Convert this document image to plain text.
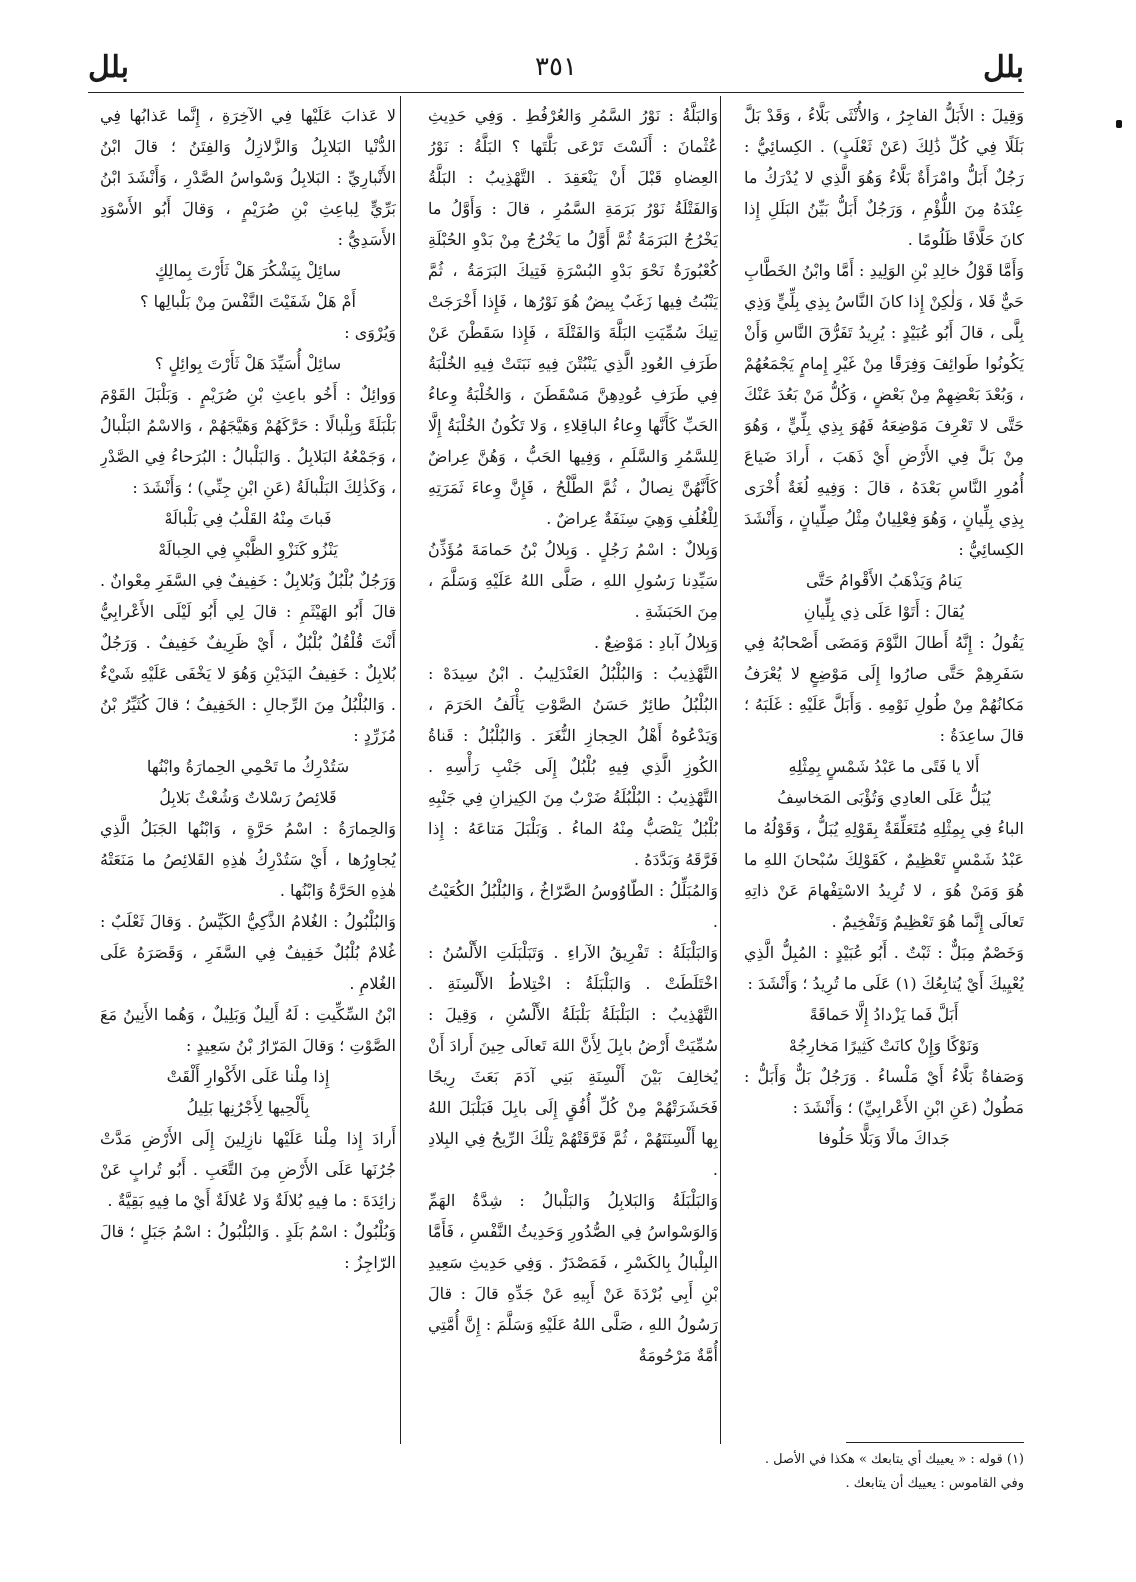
بلل
٣٥١
بلل

وَقِيلَ : الأَبَلُّ الفاجِرُ ، وَالأُنْثَى بَلَّاءُ ، وَقَدْ بَلَّ بَلَلًا فِي كُلِّ ذَٰلِكَ (عَنْ ثَعْلَبٍ) . الكِسائِيُّ : رَجُلٌ أَبَلُّ وامْرَأَةٌ بَلَّاءُ وَهُوَ الَّذِي لا يُدْرَكُ ما عِنْدَهُ مِنَ اللُّؤْمِ ، وَرَجُلٌ أَبَلُّ بَيِّنُ البَلَلِ إِذا كانَ حَلَّافًا ظَلُومًا .

وَأَمَّا قَوْلُ خالِدِ بْنِ الوَلِيدِ : أَمَّا وابْنُ الخَطَّابِ حَيٌّ فَلا ، وَلٰكِنْ إِذا كانَ النَّاسُ بِذِي بِلِّيٍّ وَذِي بِلَّى ، قالَ أَبُو عُبَيْدٍ : يُرِيدُ تَفَرُّقَ النَّاسِ وَأَنْ يَكُونُوا طَوائِفَ وَفِرَقًا مِنْ غَيْرِ إِمامٍ يَجْمَعُهُمْ ، وَبُعْدَ بَعْضِهِمْ مِنْ بَعْضٍ ، وَكُلُّ مَنْ بَعُدَ عَنْكَ حَتَّى لا تَعْرِفَ مَوْضِعَهُ فَهُوَ بِذِي بِلِّيٍّ ، وَهُوَ مِنْ بَلَّ فِي الأَرْضِ أَيْ ذَهَبَ ، أَرادَ ضَياعَ أُمُورِ النَّاسِ بَعْدَهُ ، قالَ : وَفِيهِ لُغَةٌ أُخْرَى بِذِي بِلِّيانٍ ، وَهُوَ فِعْلِيانٌ مِثْلُ صِلِّيانٍ ، وَأَنْشَدَ الكِسائِيُّ :

يَنامُ وَيَذْهَبُ الأَقْوامُ حَتَّى

يُقالَ : أَتَوْا عَلَى ذِي بِلِّيانِ

يَقُولُ : إِنَّهُ أَطالَ النَّوْمَ وَمَضَى أَصْحابُهُ فِي سَفَرِهِمْ حَتَّى صارُوا إِلَى مَوْضِعٍ لا يُعْرَفُ مَكانُهُمْ مِنْ طُولِ نَوْمِهِ . وَأَبَلَّ عَلَيْهِ : غَلَبَهُ ؛ قالَ ساعِدَةُ :

أَلا يا فَتًى ما عَبْدُ شَمْسٍ بِمِثْلِهِ

يُبَلُّ عَلَى العادِي وَتُؤْبَى المَخاسِفُ

الباءُ فِي بِمِثْلِهِ مُتَعَلِّقَةٌ بِقَوْلِهِ يُبَلُّ ، وَقَوْلُهُ ما عَبْدُ شَمْسٍ تَعْظِيمٌ ، كَقَوْلِكَ سُبْحانَ اللهِ ما هُوَ وَمَنْ هُوَ ، لا تُرِيدُ الاسْتِفْهامَ عَنْ ذاتِهِ تَعالَى إِنَّما هُوَ تَعْظِيمٌ وَتَفْخِيمٌ .

وَخَصْمٌ مِبَلٌّ : ثَبْتٌ . أَبُو عُبَيْدٍ : المُبِلُّ الَّذِي يُعْيِيكَ أَيْ يُتابِعُكَ (١) عَلَى ما تُرِيدُ ؛ وَأَنْشَدَ :

أَبَلَّ فَما يَزْدادُ إِلَّا حَماقَةً

وَنَوْكًا وَإِنْ كانَتْ كَثِيرًا مَخارِجُهْ

وَصَفاةٌ بَلَّاءُ أَيْ مَلْساءُ . وَرَجُلٌ بَلٌّ وَأَبَلُّ : مَطُولٌ (عَنِ ابْنِ الأَعْرابِيِّ) ؛ وَأَنْشَدَ :

جَداكَ مالًا وَبَلًّا حَلُوفا

وَالبَلَّةُ : نَوْرُ السَّمُرِ وَالعُرْفُطِ . وَفِي حَدِيثِ عُثْمانَ : أَلَسْتَ تَرْعَى بَلَّتَها ؟ البَلَّةُ : نَوْرُ العِضاهِ قَبْلَ أَنْ يَنْعَقِدَ . التَّهْذِيبُ : البَلَّةُ وَالفَتْلَةُ نَوْرُ بَرَمَةِ السَّمُرِ ، قالَ : وَأَوَّلُ ما يَخْرُجُ البَرَمَةُ ثُمَّ أَوَّلُ ما يَخْرُجُ مِنْ بَدْوِ الحُبْلَةِ كُعْبُورَةٌ نَحْوَ بَدْوِ البُسْرَةِ فَتِيكَ البَرَمَةُ ، ثُمَّ يَنْبُتُ فِيها زَغَبٌ بِيضٌ هُوَ نَوْرُها ، فَإِذا أَخْرَجَتْ تِيكَ سُمِّيَتِ البَلَّةَ وَالفَتْلَةَ ، فَإِذا سَقَطْنَ عَنْ طَرَفِ العُودِ الَّذِي يَنْبُتْنَ فِيهِ نَبَتَتْ فِيهِ الخُلْبَةُ فِي طَرَفِ عُودِهِنَّ مَسْقَطَنَ ، وَالخُلْبَةُ وِعاءُ الحَبِّ كَأَنَّها وِعاءُ الباقِلاءِ ، وَلا تَكُونُ الخُلْبَةُ إِلَّا لِلسَّمُرِ وَالسَّلَمِ ، وَفِيها الحَبُّ ، وَهُنَّ عِراضٌ كَأَنَّهُنَّ نِصالٌ ، ثُمَّ الطَّلْحُ ، فَإِنَّ وِعاءَ ثَمَرَتِهِ لِلْغُلُفِ وَهِيَ سِنَفَةٌ عِراضٌ .

وَبِلالٌ : اسْمُ رَجُلٍ . وَبِلالُ بْنُ حَمامَةَ مُؤَذِّنُ سَيِّدِنا رَسُولِ اللهِ ، صَلَّى اللهُ عَلَيْهِ وَسَلَّمَ ، مِنَ الحَبَشَةِ .

وَبِلالُ آبادِ : مَوْضِعٌ .

التَّهْذِيبُ : وَالبُلْبُلُ العَنْدَلِيبُ . ابْنُ سِيدَهْ : البُلْبُلُ طائِرٌ حَسَنُ الصَّوْتِ يَأْلَفُ الحَرَمَ ، وَيَدْعُوهُ أَهْلُ الحِجازِ النُّغَرَ . وَالبُلْبُلُ : قَناةُ الكُوزِ الَّذِي فِيهِ بُلْبُلٌ إِلَى جَنْبِ رَأْسِهِ . التَّهْذِيبُ : البُلْبُلَةُ ضَرْبٌ مِنَ الكِيزانِ فِي جَنْبِهِ بُلْبُلٌ يَنْصَبُّ مِنْهُ الماءُ . وَبَلْبَلَ مَتاعَهُ : إِذا فَرَّقَهُ وَبَدَّدَهُ .

وَالمُبَلِّلُ : الطّاوُوسُ الصَّرّاخُ ، وَالبُلْبُلُ الكُعَيْتُ .

وَالبَلْبَلَةُ : تَفْرِيقُ الآراءِ . وَتَبَلْبَلَتِ الأَلْسُنُ : اخْتَلَطَتْ . وَالبَلْبَلَةُ : اخْتِلاطُ الأَلْسِنَةِ . التَّهْذِيبُ : البَلْبَلَةُ بَلْبَلَةُ الأَلْسُنِ ، وَقِيلَ : سُمِّيَتْ أَرْضُ بابِلَ لِأَنَّ اللهَ تَعالَى حِينَ أَرادَ أَنْ يُخالِفَ بَيْنَ أَلْسِنَةِ بَنِي آدَمَ بَعَثَ رِيحًا فَحَشَرَتْهُمْ مِنْ كُلِّ أُفُقٍ إِلَى بابِلَ فَبَلْبَلَ اللهُ بِها أَلْسِنَتَهُمْ ، ثُمَّ فَرَّقَتْهُمْ تِلْكَ الرِّيحُ فِي البِلادِ .

وَالبَلْبَلَةُ وَالبَلابِلُ وَالبَلْبالُ : شِدَّةُ الهَمِّ وَالوَسْواسُ فِي الصُّدُورِ وَحَدِيثُ النَّفْسِ ، فَأَمَّا البِلْبالُ بِالكَسْرِ ، فَمَصْدَرٌ . وَفِي حَدِيثِ سَعِيدِ بْنِ أَبِي بُرْدَةَ عَنْ أَبِيهِ عَنْ جَدِّهِ قالَ : قالَ رَسُولُ اللهِ ، صَلَّى اللهُ عَلَيْهِ وَسَلَّمَ : إِنَّ أُمَّتِي أُمَّةٌ مَرْحُومَةٌ

لا عَذابَ عَلَيْها فِي الآخِرَةِ ، إِنَّما عَذابُها فِي الدُّنْيا البَلابِلُ وَالزَّلازِلُ وَالفِتَنُ ؛ قالَ ابْنُ الأَنْبارِيِّ : البَلابِلُ وَسْواسُ الصَّدْرِ ، وَأَنْشَدَ ابْنُ بَرِّيٍّ لِباعِثِ بْنِ صُرَيْمٍ ، وَقالَ أَبُو الأَسْوَدِ الأَسَدِيُّ :

سائِلْ بِيَشْكُرَ هَلْ ثَأَرْتَ بِمالِكٍ

أَمْ هَلْ شَفَيْتَ النَّفْسَ مِنْ بَلْبالِها ؟

وَيُرْوَى :

سائِلْ أُسَيِّدَ هَلْ ثَأَرْتَ بِوائِلٍ ؟

وَوائِلٌ : أَخُو باعِثِ بْنِ صُرَيْمٍ . وَبَلْبَلَ القَوْمَ بَلْبَلَةً وَبِلْبالًا : حَرَّكَهُمْ وَهَيَّجَهُمْ ، وَالاسْمُ البَلْبالُ ، وَجَمْعُهُ البَلابِلُ . وَالبَلْبالُ : البُرَحاءُ فِي الصَّدْرِ ، وَكَذٰلِكَ البَلْبالَةُ (عَنِ ابْنِ جِنِّي) ؛ وَأَنْشَدَ :

فَباتَ مِنْهُ القَلْبُ فِي بَلْبالَهْ

يَنْزُو كَنَزْوِ الظَّبْيِ فِي الحِبالَهْ

وَرَجُلٌ بُلْبُلٌ وَبُلابِلٌ : خَفِيفٌ فِي السَّفَرِ مِعْوانٌ . قالَ أَبُو الهَيْثَمِ : قالَ لِي أَبُو لَيْلَى الأَعْرابِيُّ أَنْتَ قُلْقُلٌ بُلْبُلٌ ، أَيْ ظَرِيفٌ خَفِيفٌ . وَرَجُلٌ بُلابِلٌ : خَفِيفُ اليَدَيْنِ وَهُوَ لا يَخْفَى عَلَيْهِ شَيْءٌ . وَالبُلْبُلُ مِنَ الرِّجالِ : الخَفِيفُ ؛ قالَ كُثَيِّرُ بْنُ مُزَرِّدٍ :

سَتُدْرِكُ ما تَحْمِي الحِمارَةُ وابْنُها

قَلائِصُ رَسْلاتٌ وَشُعْثٌ بَلابِلُ

وَالحِمارَةُ : اسْمُ حَرَّةٍ ، وَابْنُها الجَبَلُ الَّذِي يُجاوِرُها ، أَيْ سَتُدْرِكُ هٰذِهِ القَلائِصُ ما مَنَعَتْهُ هٰذِهِ الحَرَّةُ وَابْنُها .

وَالبُلْبُولُ : الغُلامُ الذَّكِيُّ الكَيِّسُ . وَقالَ ثَعْلَبٌ : غُلامٌ بُلْبُلٌ خَفِيفٌ فِي السَّفَرِ ، وَقَصَرَهُ عَلَى الغُلامِ .

ابْنُ السِّكِّيتِ : لَهُ أَلِيلٌ وَبَلِيلٌ ، وَهُما الأَنِينُ مَعَ الصَّوْتِ ؛ وَقالَ المَرّارُ بْنُ سَعِيدٍ :

إِذا مِلْنا عَلَى الأَكْوارِ أَلْقَتْ

بِأَلْحِيها لِأَجْرُنِها بَلِيلُ

أَرادَ إِذا مِلْنا عَلَيْها نازِلِينَ إِلَى الأَرْضِ مَدَّتْ جُرُنَها عَلَى الأَرْضِ مِنَ التَّعَبِ . أَبُو تُرابٍ عَنْ زائِدَةَ : ما فِيهِ بُلالَةٌ وَلا عُلالَةٌ أَيْ ما فِيهِ بَقِيَّةٌ .

وَبُلْبُولٌ : اسْمُ بَلَدٍ . وَالبُلْبُولُ : اسْمُ جَبَلٍ ؛ قالَ الرّاجِزُ :

(١) قوله : « يعييك أي يتابعك » هكذا في الأصل .

وفي القاموس : يعييك أن يتابعك .
